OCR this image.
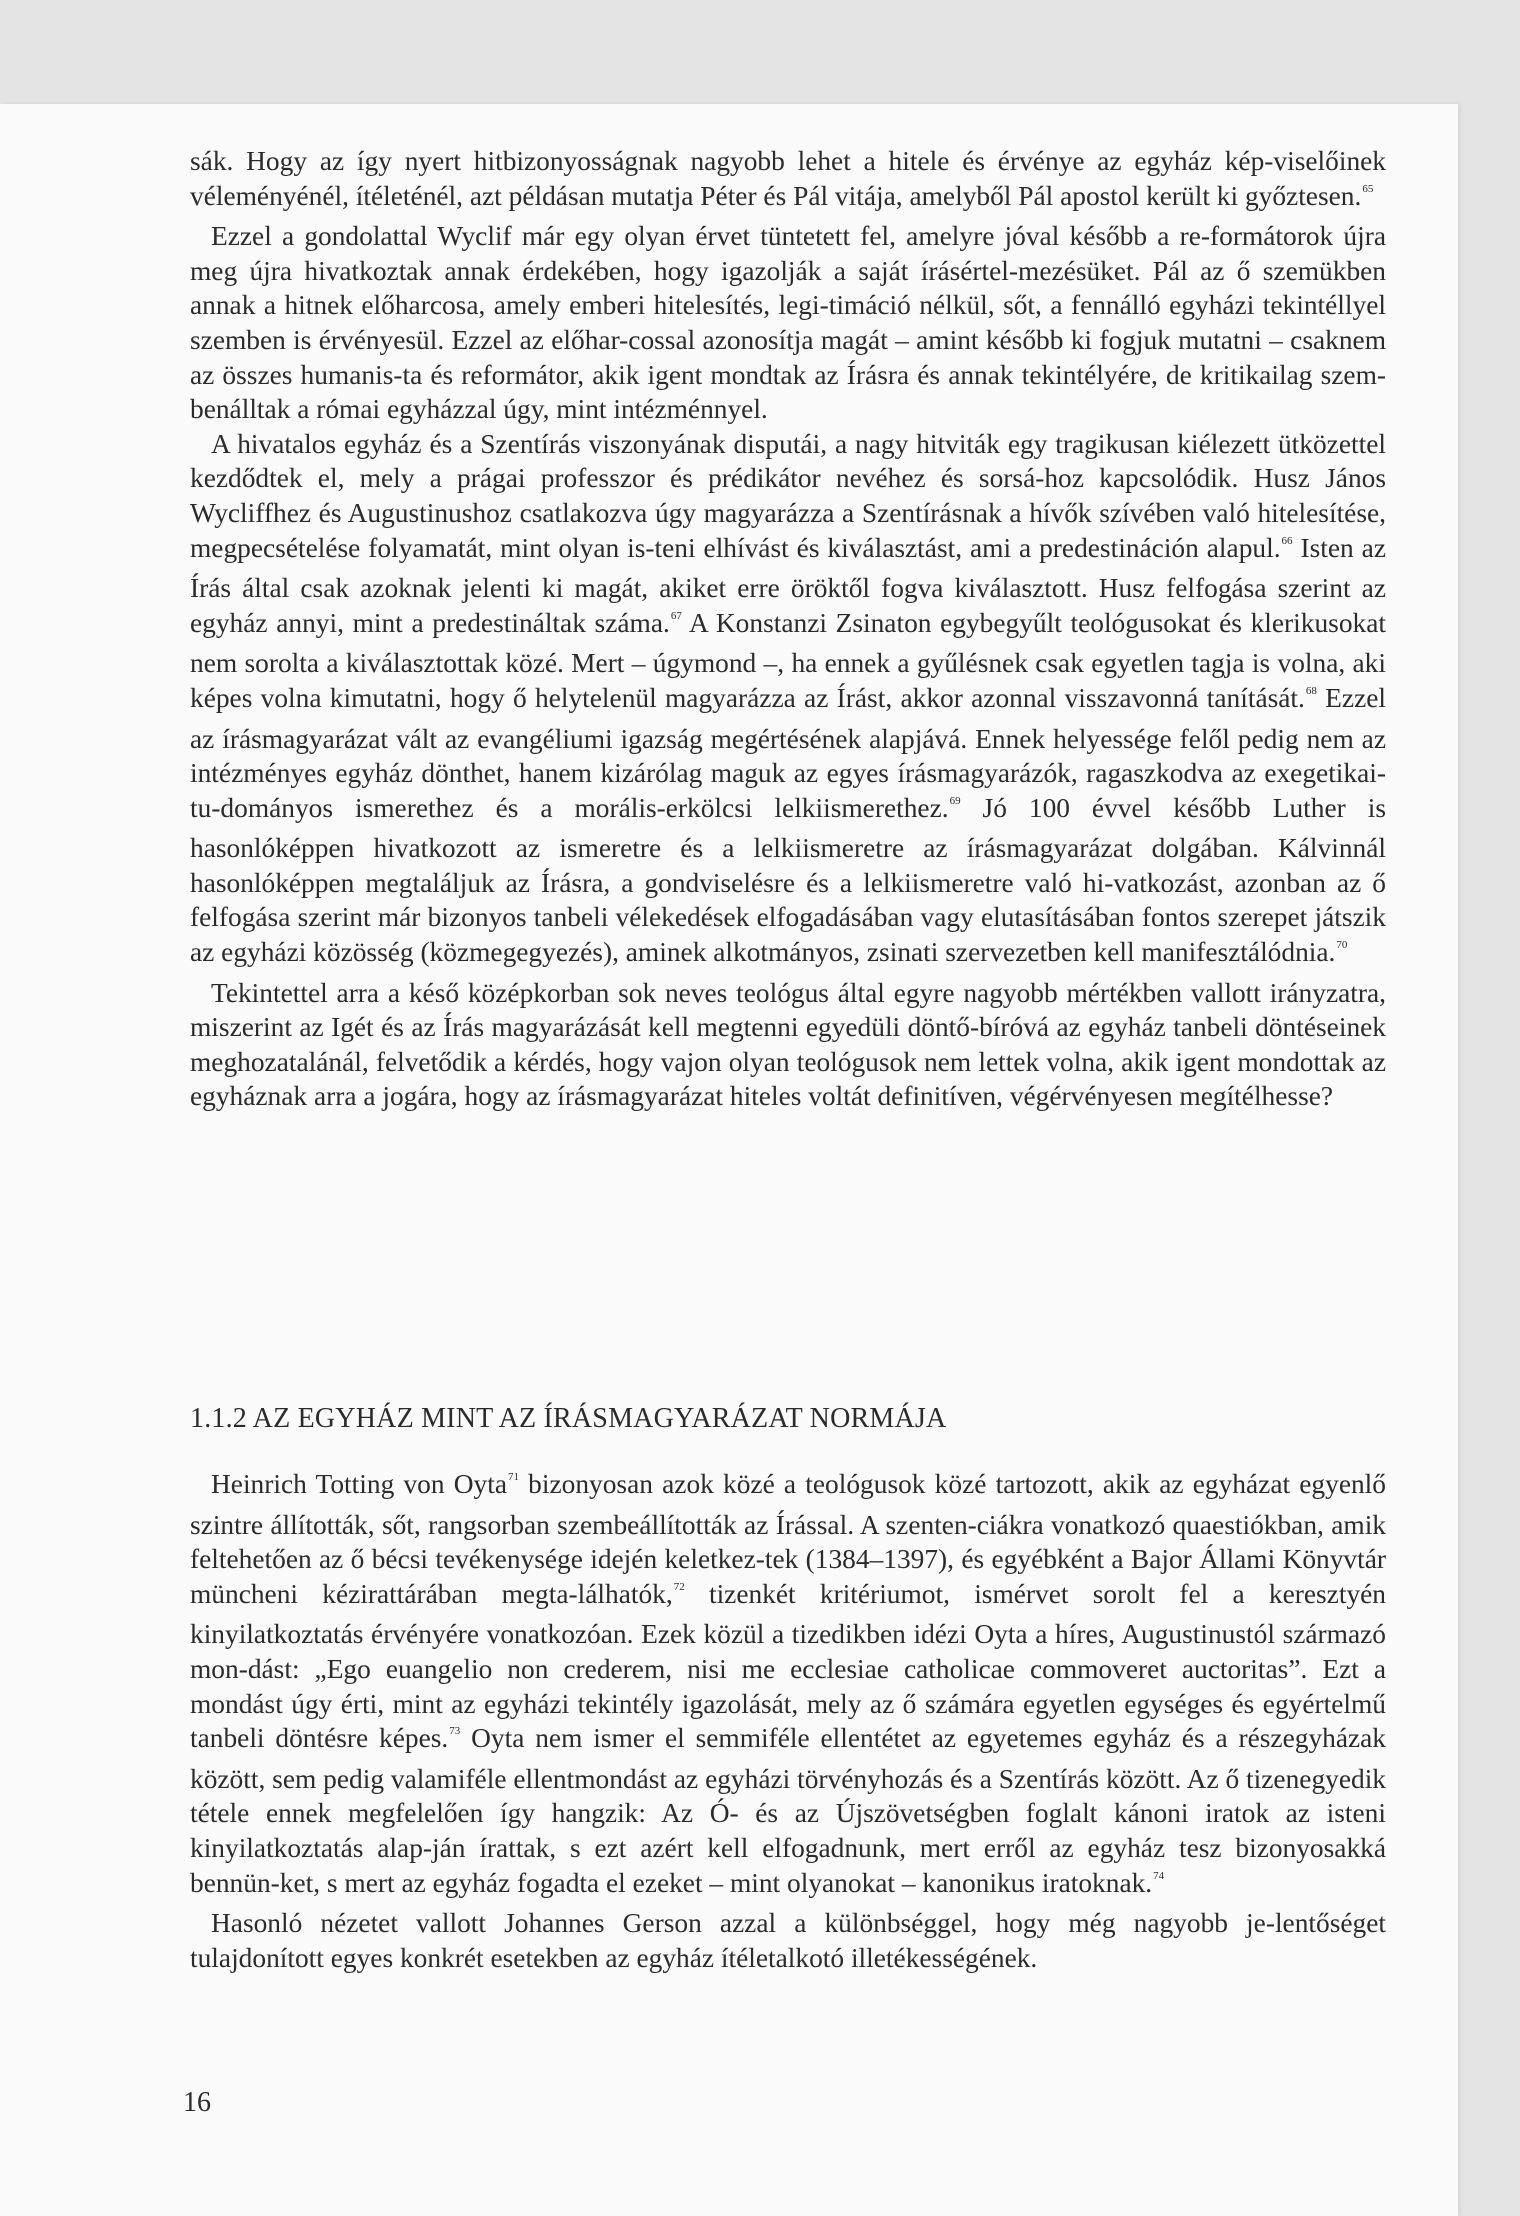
sák. Hogy az így nyert hitbizonyosságnak nagyobb lehet a hitele és érvénye az egyház kép-viselőinek véleményénél, ítéleténél, azt példásan mutatja Péter és Pál vitája, amelyből Pál apostol került ki győztesen.$^{65}$

Ezzel a gondolattal Wyclif már egy olyan érvet tüntetett fel, amelyre jóval később a re-formátorok újra meg újra hivatkoztak annak érdekében, hogy igazolják a saját írásértel-mezésüket. Pál az ő szemükben annak a hitnek előharcosa, amely emberi hitelesítés, legi-timáció nélkül, sőt, a fennálló egyházi tekintéllyel szemben is érvényesül. Ezzel az előhar-cossal azonosítja magát – amint később ki fogjuk mutatni – csaknem az összes humanis-ta és reformátor, akik igent mondtak az Írásra és annak tekintélyére, de kritikailag szem-benálltak a római egyházzal úgy, mint intézménnyel.

A hivatalos egyház és a Szentírás viszonyának disputái, a nagy hitviták egy tragikusan kiélezett ütközettel kezdődtek el, mely a prágai professzor és prédikátor nevéhez és sorsá-hoz kapcsolódik. Husz János Wycliffhez és Augustinushoz csatlakozva úgy magyarázza a Szentírásnak a hívők szívében való hitelesítése, megpecsételése folyamatát, mint olyan is-teni elhívást és kiválasztást, ami a predestináción alapul.$^{66}$ Isten az Írás által csak azoknak jelenti ki magát, akiket erre öröktől fogva kiválasztott. Husz felfogása szerint az egyház annyi, mint a predestináltak száma.$^{67}$ A Konstanzi Zsinaton egybegyűlt teológusokat és klerikusokat nem sorolta a kiválasztottak közé. Mert – úgymond –, ha ennek a gyűlésnek csak egyetlen tagja is volna, aki képes volna kimutatni, hogy ő helytelenül magyarázza az Írást, akkor azonnal visszavonná tanítását.$^{68}$ Ezzel az írásmagyarázat vált az evangéliumi igazság megértésének alapjává. Ennek helyessége felől pedig nem az intézményes egyház dönthet, hanem kizárólag maguk az egyes írásmagyarázók, ragaszkodva az exegetikai-tu-dományos ismerethez és a morális-erkölcsi lelkiismerethez.$^{69}$ Jó 100 évvel később Luther is hasonlóképpen hivatkozott az ismeretre és a lelkiismeretre az írásmagyarázat dolgában. Kálvinnál hasonlóképpen megtaláljuk az Írásra, a gondviselésre és a lelkiismeretre való hi-vatkozást, azonban az ő felfogása szerint már bizonyos tanbeli vélekedések elfogadásában vagy elutasításában fontos szerepet játszik az egyházi közösség (közmegegyezés), aminek alkotmányos, zsinati szervezetben kell manifesztálódnia.$^{70}$

Tekintettel arra a késő középkorban sok neves teológus által egyre nagyobb mértékben vallott irányzatra, miszerint az Igét és az Írás magyarázását kell megtenni egyedüli döntő-bíróvá az egyház tanbeli döntéseinek meghozatalánál, felvetődik a kérdés, hogy vajon olyan teológusok nem lettek volna, akik igent mondottak az egyháznak arra a jogára, hogy az írásmagyarázat hiteles voltát definitíven, végérvényesen megítélhesse?

1.1.2 AZ EGYHÁZ MINT AZ ÍRÁSMAGYARÁZAT NORMÁJA

Heinrich Totting von Oyta$^{71}$ bizonyosan azok közé a teológusok közé tartozott, akik az egyházat egyenlő szintre állították, sőt, rangsorban szembeállították az Írással. A szenten-ciákra vonatkozó quaestiókban, amik feltehetően az ő bécsi tevékenysége idején keletkez-tek (1384–1397), és egyébként a Bajor Állami Könyvtár müncheni kézirattárában megta-lálhatók,$^{72}$ tizenkét kritériumot, ismérvet sorolt fel a keresztyén kinyilatkoztatás érvényére vonatkozóan. Ezek közül a tizedikben idézi Oyta a híres, Augustinustól származó mon-dást: „Ego euangelio non crederem, nisi me ecclesiae catholicae commoveret auctoritas”. Ezt a mondást úgy érti, mint az egyházi tekintély igazolását, mely az ő számára egyetlen egységes és egyértelmű tanbeli döntésre képes.$^{73}$ Oyta nem ismer el semmiféle ellentétet az egyetemes egyház és a részegyházak között, sem pedig valamiféle ellentmondást az egyházi törvényhozás és a Szentírás között. Az ő tizenegyedik tétele ennek megfelelően így hangzik: Az Ó- és az Újszövetségben foglalt kánoni iratok az isteni kinyilatkoztatás alap-ján írattak, s ezt azért kell elfogadnunk, mert erről az egyház tesz bizonyosakká bennün-ket, s mert az egyház fogadta el ezeket – mint olyanokat – kanonikus iratoknak.$^{74}$

Hasonló nézetet vallott Johannes Gerson azzal a különbséggel, hogy még nagyobb je-lentőséget tulajdonított egyes konkrét esetekben az egyház ítéletalkotó illetékességének.

16
